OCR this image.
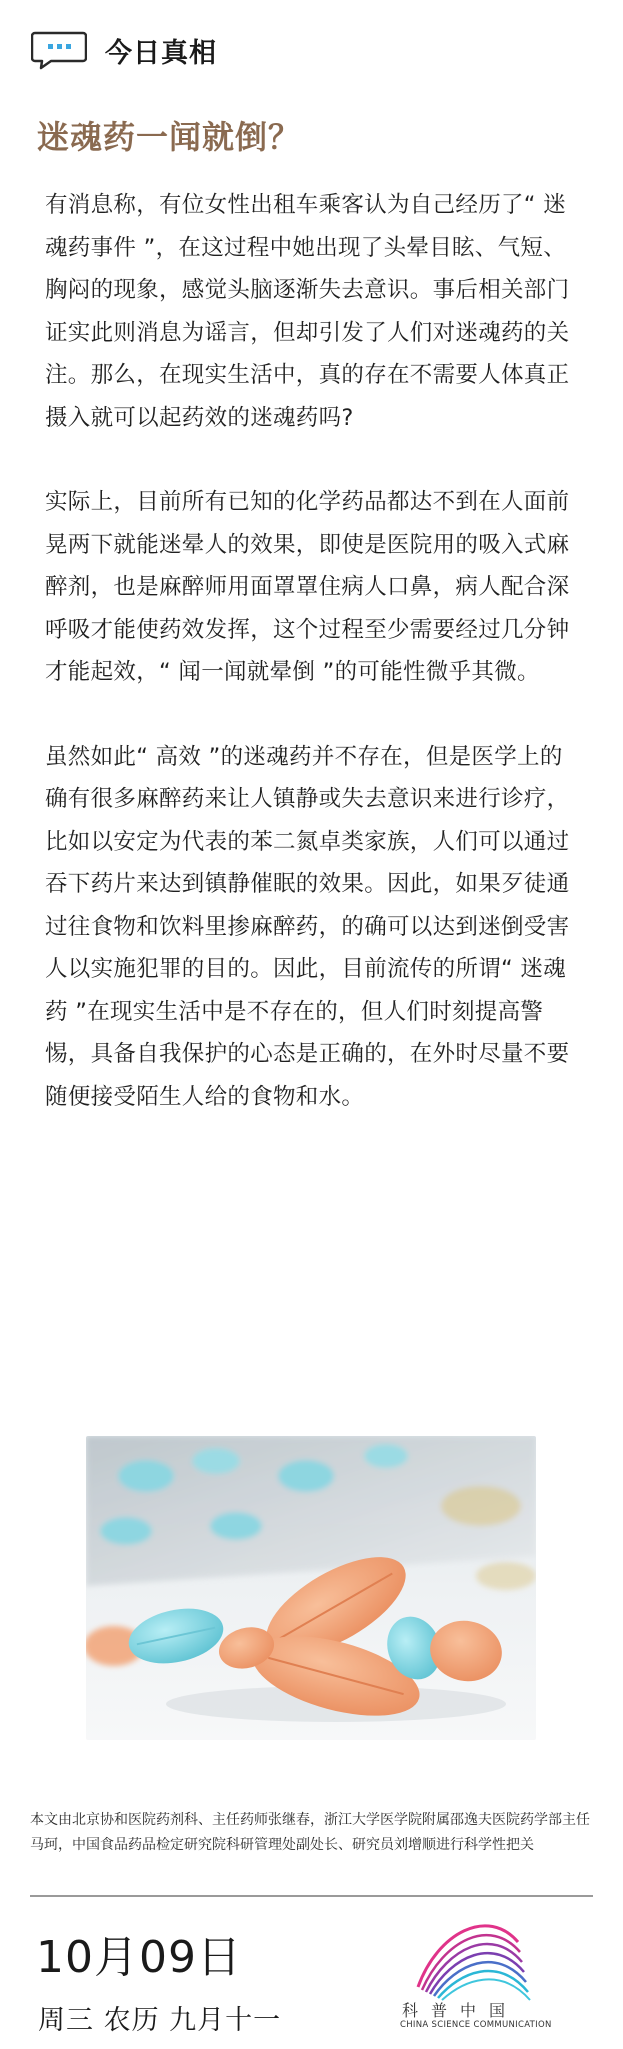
今日真相
迷魂药一闻就倒？

有消息称，有位女性出租车乘客认为自己经历了“ 迷魂药事件 ”，在这过程中她出现了头晕目眩、气短、胸闷的现象，感觉头脑逐渐失去意识。事后相关部门证实此则消息为谣言，但却引发了人们对迷魂药的关注。那么，在现实生活中，真的存在不需要人体真正摄入就可以起药效的迷魂药吗?

实际上，目前所有已知的化学药品都达不到在人面前晃两下就能迷晕人的效果，即使是医院用的吸入式麻醉剂，也是麻醉师用面罩罩住病人口鼻，病人配合深呼吸才能使药效发挥，这个过程至少需要经过几分钟才能起效，“ 闻一闻就晕倒 ”的可能性微乎其微。

虽然如此“ 高效 ”的迷魂药并不存在，但是医学上的确有很多麻醉药来让人镇静或失去意识来进行诊疗，比如以安定为代表的苯二氮卓类家族，人们可以通过吞下药片来达到镇静催眠的效果。因此，如果歹徒通过往食物和饮料里掺麻醉药，的确可以达到迷倒受害人以实施犯罪的目的。因此，目前流传的所谓“ 迷魂药 ”在现实生活中是不存在的，但人们时刻提高警惕，具备自我保护的心态是正确的，在外时尽量不要随便接受陌生人给的食物和水。

本文由北京协和医院药剂科、主任药师张继春，浙江大学医学院附属邵逸夫医院药学部主任马珂，中国食品药品检定研究院科研管理处副处长、研究员刘增顺进行科学性把关
10月09日
周三 农历 九月十一	科普中国
CHINA SCIENCE COMMUNICATION
